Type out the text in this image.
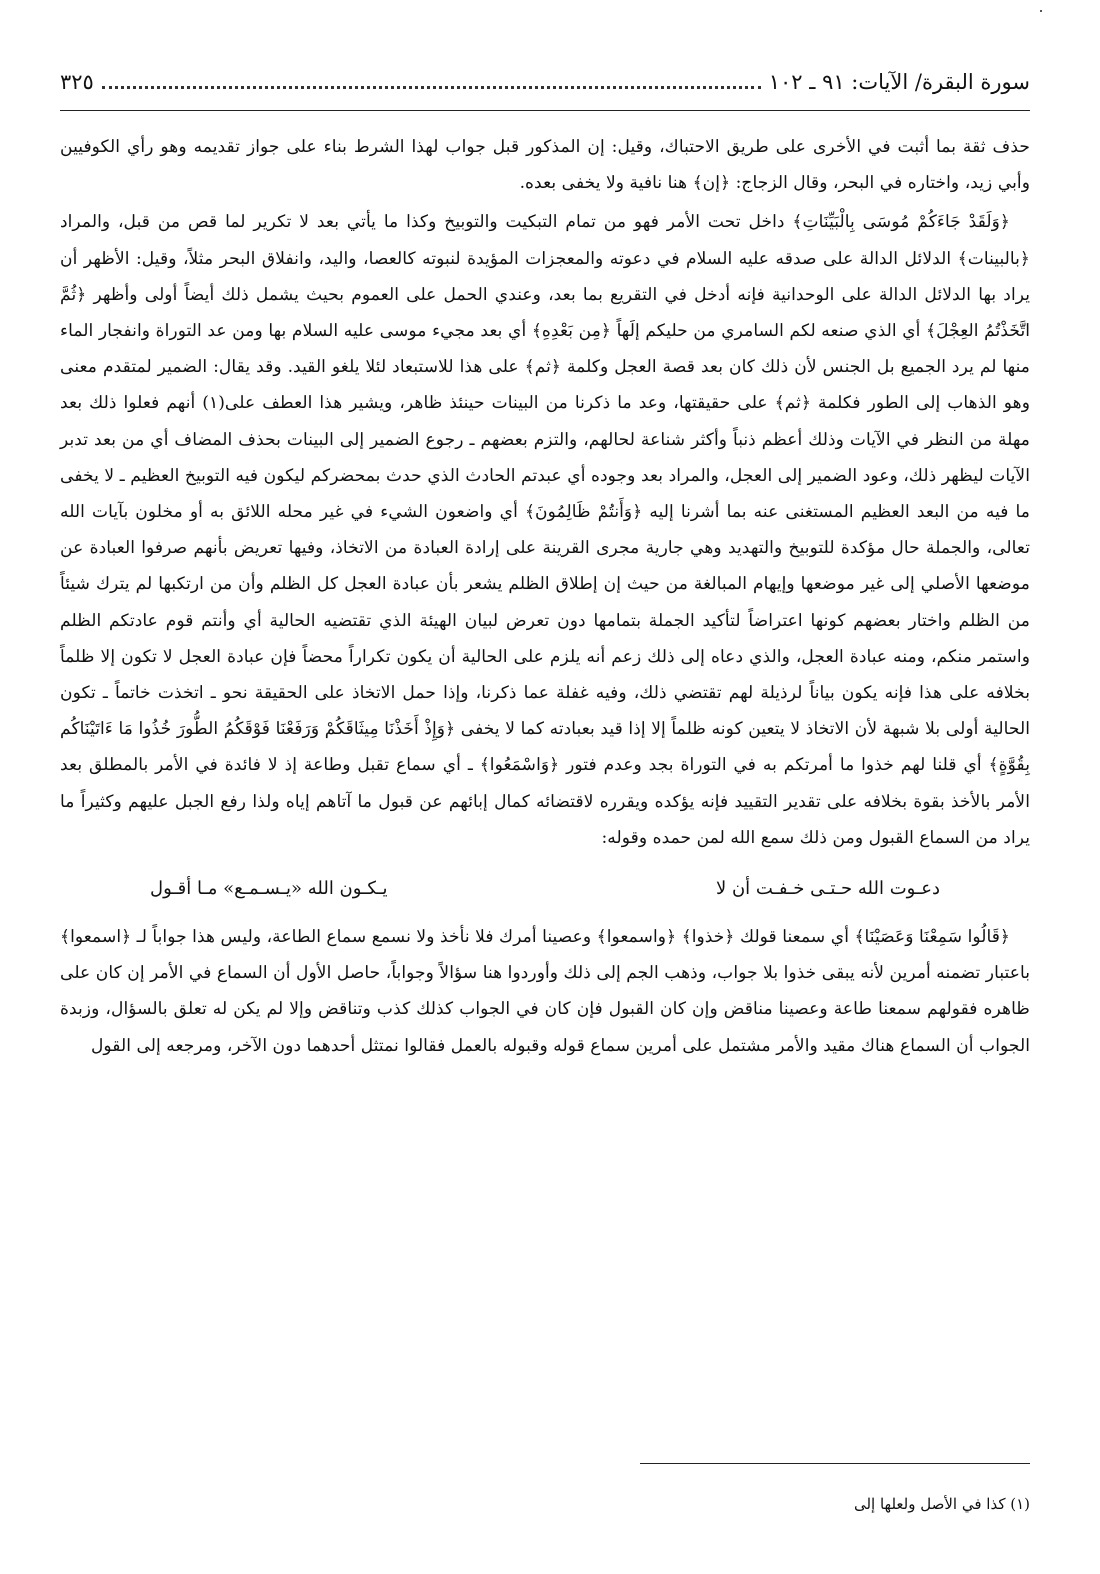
سورة البقرة/ الآيات: ٩١ ـ ١٠٢
٣٢٥

حذف ثقة بما أثبت في الأخرى على طريق الاحتباك، وقيل: إن المذكور قبل جواب لهذا الشرط بناء على جواز تقديمه وهو رأي الكوفيين وأبي زيد، واختاره في البحر، وقال الزجاج: ﴿إن﴾ هنا نافية ولا يخفى بعده.

﴿وَلَقَدْ جَاءَكُمْ مُوسَى بِالْبَيِّنَاتِ﴾ داخل تحت الأمر فهو من تمام التبكيت والتوبيخ وكذا ما يأتي بعد لا تكرير لما قص من قبل، والمراد ﴿بالبينات﴾ الدلائل الدالة على صدقه عليه السلام في دعوته والمعجزات المؤيدة لنبوته كالعصا، واليد، وانفلاق البحر مثلاً، وقيل: الأظهر أن يراد بها الدلائل الدالة على الوحدانية فإنه أدخل في التقريع بما بعد، وعندي الحمل على العموم بحيث يشمل ذلك أيضاً أولى وأظهر ﴿ثُمَّ اتَّخَذْتُمُ العِجْلَ﴾ أي الذي صنعه لكم السامري من حليكم إلَهاً ﴿مِن بَعْدِهِ﴾ أي بعد مجيء موسى عليه السلام بها ومن عد التوراة وانفجار الماء منها لم يرد الجميع بل الجنس لأن ذلك كان بعد قصة العجل وكلمة ﴿ثم﴾ على هذا للاستبعاد لئلا يلغو القيد. وقد يقال: الضمير لمتقدم معنى وهو الذهاب إلى الطور فكلمة ﴿ثم﴾ على حقيقتها، وعد ما ذكرنا من البينات حينئذ ظاهر، ويشير هذا العطف على(١) أنهم فعلوا ذلك بعد مهلة من النظر في الآيات وذلك أعظم ذنباً وأكثر شناعة لحالهم، والتزم بعضهم ـ رجوع الضمير إلى البينات بحذف المضاف أي من بعد تدبر الآيات ليظهر ذلك، وعود الضمير إلى العجل، والمراد بعد وجوده أي عبدتم الحادث الذي حدث بمحضركم ليكون فيه التوبيخ العظيم ـ لا يخفى ما فيه من البعد العظيم المستغنى عنه بما أشرنا إليه ﴿وَأَنتُمْ ظَالِمُونَ﴾ أي واضعون الشيء في غير محله اللائق به أو مخلون بآيات الله تعالى، والجملة حال مؤكدة للتوبيخ والتهديد وهي جارية مجرى القرينة على إرادة العبادة من الاتخاذ، وفيها تعريض بأنهم صرفوا العبادة عن موضعها الأصلي إلى غير موضعها وإيهام المبالغة من حيث إن إطلاق الظلم يشعر بأن عبادة العجل كل الظلم وأن من ارتكبها لم يترك شيئاً من الظلم واختار بعضهم كونها اعتراضاً لتأكيد الجملة بتمامها دون تعرض لبيان الهيئة الذي تقتضيه الحالية أي وأنتم قوم عادتكم الظلم واستمر منكم، ومنه عبادة العجل، والذي دعاه إلى ذلك زعم أنه يلزم على الحالية أن يكون تكراراً محضاً فإن عبادة العجل لا تكون إلا ظلماً بخلافه على هذا فإنه يكون بياناً لرذيلة لهم تقتضي ذلك، وفيه غفلة عما ذكرنا، وإذا حمل الاتخاذ على الحقيقة نحو ـ اتخذت خاتماً ـ تكون الحالية أولى بلا شبهة لأن الاتخاذ لا يتعين كونه ظلماً إلا إذا قيد بعبادته كما لا يخفى ﴿وَإِذْ أَخَذْنَا مِيثَاقَكُمْ وَرَفَعْنَا فَوْقَكُمُ الطُّورَ خُذُوا مَا ءَاتَيْنَاكُم بِقُوَّةٍ﴾ أي قلنا لهم خذوا ما أمرتكم به في التوراة بجد وعدم فتور ﴿وَاسْمَعُوا﴾ ـ أي سماع تقبل وطاعة إذ لا فائدة في الأمر بالمطلق بعد الأمر بالأخذ بقوة بخلافه على تقدير التقييد فإنه يؤكده ويقرره لاقتضائه كمال إبائهم عن قبول ما آتاهم إياه ولذا رفع الجبل عليهم وكثيراً ما يراد من السماع القبول ومن ذلك سمع الله لمن حمده وقوله:

دعـوت الله حـتـى خـفـت أن لا
يـكـون الله «يـسـمـع» مـا أقـول

﴿قَالُوا سَمِعْنَا وَعَصَيْنَا﴾ أي سمعنا قولك ﴿خذوا﴾ ﴿واسمعوا﴾ وعصينا أمرك فلا نأخذ ولا نسمع سماع الطاعة، وليس هذا جواباً لـ ﴿اسمعوا﴾ باعتبار تضمنه أمرين لأنه يبقى خذوا بلا جواب، وذهب الجم إلى ذلك وأوردوا هنا سؤالاً وجواباً، حاصل الأول أن السماع في الأمر إن كان على ظاهره فقولهم سمعنا طاعة وعصينا مناقض وإن كان القبول فإن كان في الجواب كذلك كذب وتناقض وإلا لم يكن له تعلق بالسؤال، وزبدة الجواب أن السماع هناك مقيد والأمر مشتمل على أمرين سماع قوله وقبوله بالعمل فقالوا نمتثل أحدهما دون الآخر، ومرجعه إلى القول

(١) كذا في الأصل ولعلها إلى
